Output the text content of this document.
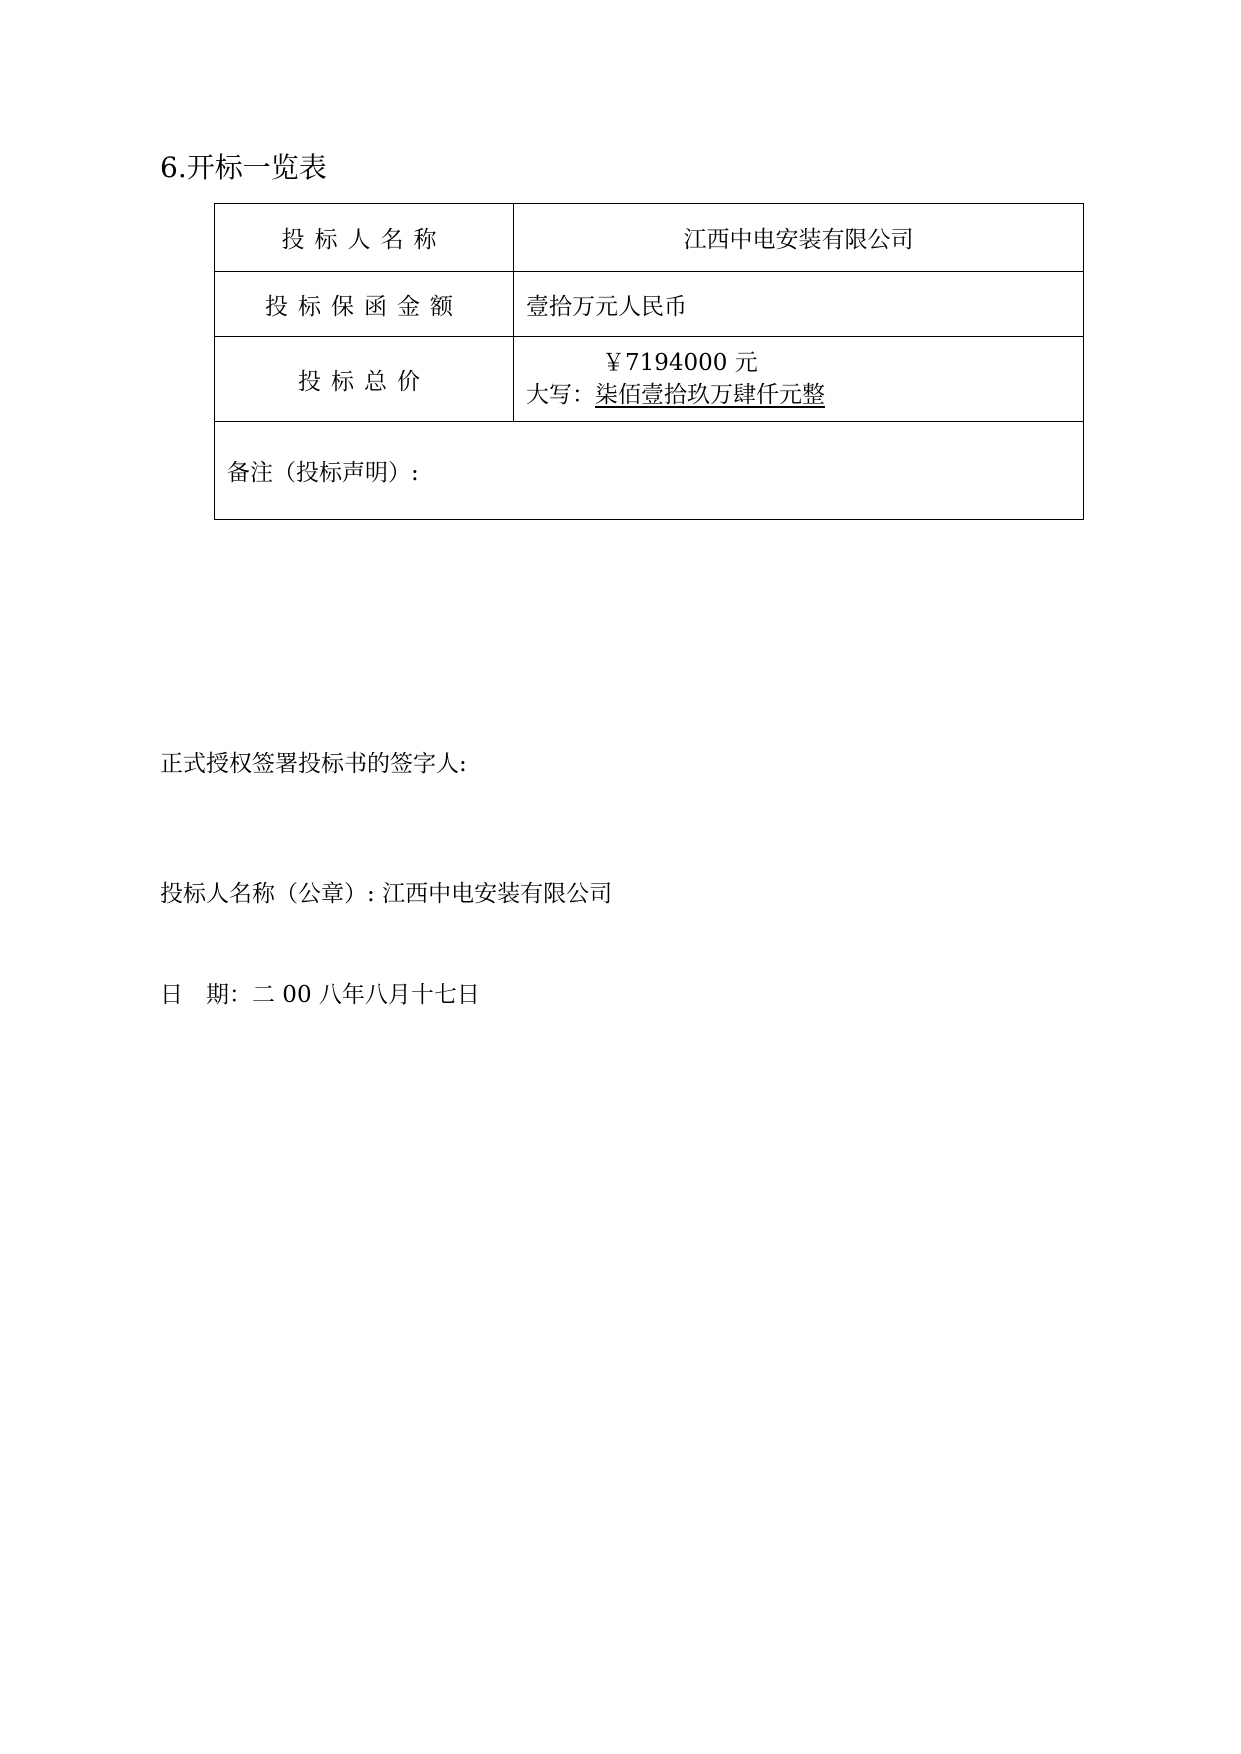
6.开标一览表
投标人名称	江西中电安装有限公司
投标保函金额	壹拾万元人民币
投标总价	￥7194000 元
大写：柒佰壹拾玖万肆仟元整
备注（投标声明）:	
正式授权签署投标书的签字人:
投标人名称（公章）: 江西中电安装有限公司
日　期：二 00 八年八月十七日
